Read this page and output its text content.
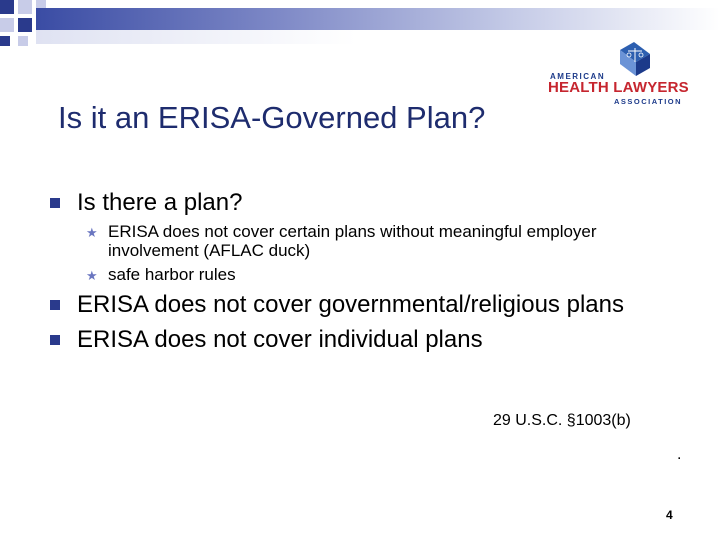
AMERICAN
HEALTH LAWYERS
ASSOCIATION
Is it an ERISA-Governed Plan?
Is there a plan?
★ ERISA does not cover certain plans without meaningful employer involvement (AFLAC duck)
★ safe harbor rules
ERISA does not cover governmental/religious plans
ERISA does not cover individual plans
29 U.S.C. §1003(b)
.
4
